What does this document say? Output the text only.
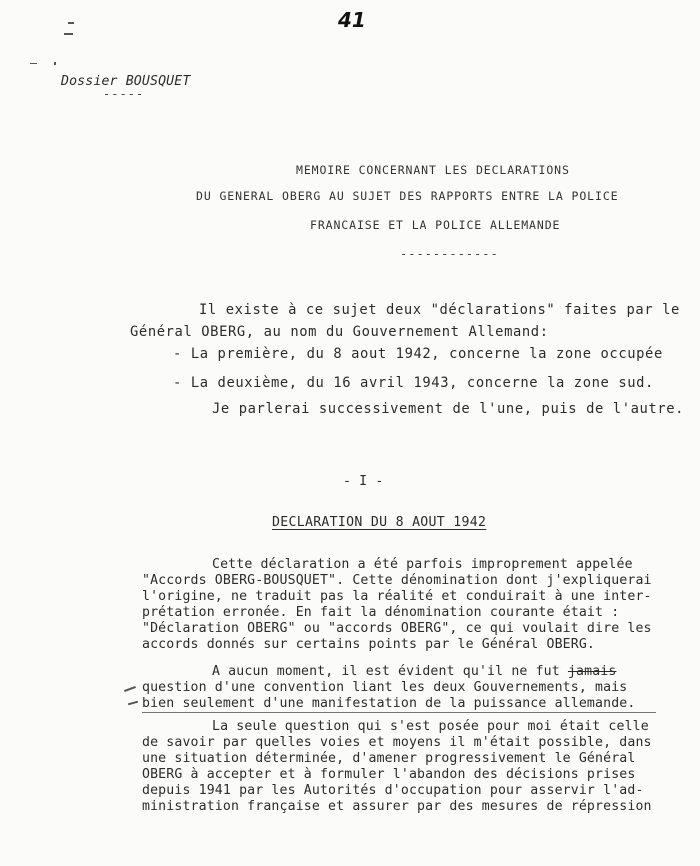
41
Dossier BOUSQUET
-----
MEMOIRE CONCERNANT LES DECLARATIONS
DU GENERAL OBERG AU SUJET DES RAPPORTS ENTRE LA POLICE
FRANCAISE ET LA POLICE ALLEMANDE
------------
Il existe à ce sujet deux "déclarations" faites par le
Général OBERG, au nom du Gouvernement Allemand:
- La première, du 8 aout 1942, concerne la zone occupée
- La deuxième, du 16 avril 1943, concerne la zone sud.
Je parlerai successivement de l'une, puis de l'autre.
- I -
DECLARATION DU 8 AOUT 1942
Cette déclaration a été parfois improprement appelée
"Accords OBERG-BOUSQUET". Cette dénomination dont j'expliquerai
l'origine, ne traduit pas la réalité et conduirait à une inter-
prétation erronée. En fait la dénomination courante était :
"Déclaration OBERG" ou "accords OBERG", ce qui voulait dire les
accords donnés sur certains points par le Général OBERG.
A aucun moment, il est évident qu'il ne fut jamais
question d'une convention liant les deux Gouvernements, mais
bien seulement d'une manifestation de la puissance allemande.
La seule question qui s'est posée pour moi était celle
de savoir par quelles voies et moyens il m'était possible, dans
une situation déterminée, d'amener progressivement le Général
OBERG à accepter et à formuler l'abandon des décisions prises
depuis 1941 par les Autorités d'occupation pour asservir l'ad-
ministration française et assurer par des mesures de répression
